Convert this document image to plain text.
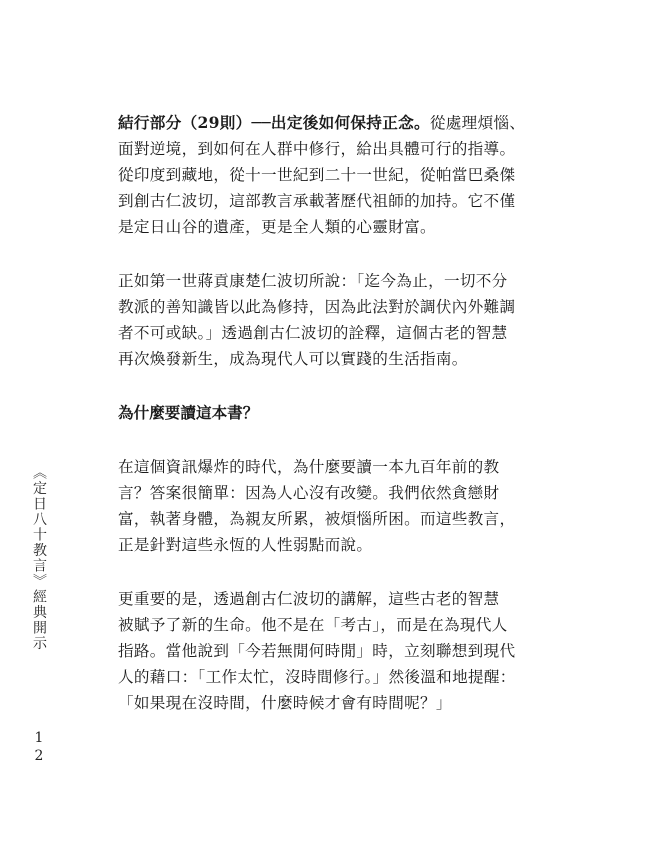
《定日八十教言》經典開示
12

結行部分（29則）──出定後如何保持正念。從處理煩惱、
面對逆境，到如何在人群中修行，給出具體可行的指導。
從印度到藏地，從十一世紀到二十一世紀，從帕當巴桑傑
到創古仁波切，這部教言承載著歷代祖師的加持。它不僅
是定日山谷的遺產，更是全人類的心靈財富。

正如第一世蔣貢康楚仁波切所說：「迄今為止，一切不分
教派的善知識皆以此為修持，因為此法對於調伏內外難調
者不可或缺。」透過創古仁波切的詮釋，這個古老的智慧
再次煥發新生，成為現代人可以實踐的生活指南。

為什麼要讀這本書？

在這個資訊爆炸的時代，為什麼要讀一本九百年前的教
言？答案很簡單：因為人心沒有改變。我們依然貪戀財
富，執著身體，為親友所累，被煩惱所困。而這些教言，
正是針對這些永恆的人性弱點而說。

更重要的是，透過創古仁波切的講解，這些古老的智慧
被賦予了新的生命。他不是在「考古」，而是在為現代人
指路。當他說到「今若無閒何時閒」時，立刻聯想到現代
人的藉口：「工作太忙，沒時間修行。」然後溫和地提醒：
「如果現在沒時間，什麼時候才會有時間呢？」
